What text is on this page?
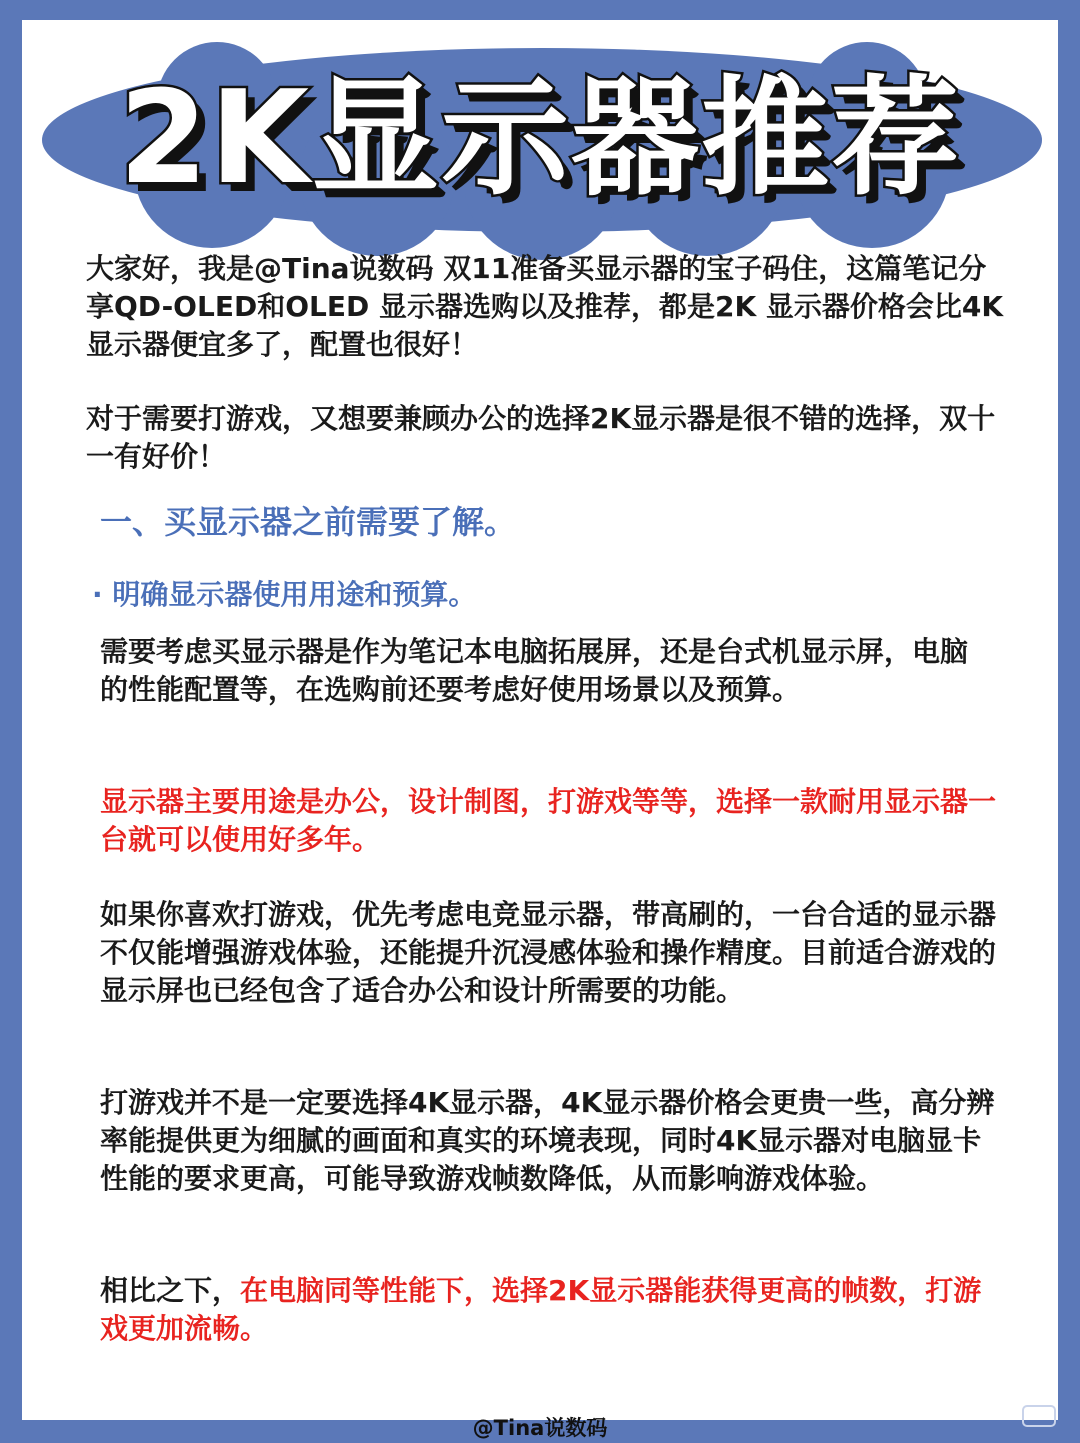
2K显示器推荐

大家好，我是@Tina说数码 双11准备买显示器的宝子码住，这篇笔记分享QD-OLED和OLED 显示器选购以及推荐，都是2K 显示器价格会比4K显示器便宜多了，配置也很好！

对于需要打游戏，又想要兼顾办公的选择2K显示器是很不错的选择，双十一有好价！

一、买显示器之前需要了解。
· 明确显示器使用用途和预算。

需要考虑买显示器是作为笔记本电脑拓展屏，还是台式机显示屏，电脑的性能配置等，在选购前还要考虑好使用场景以及预算。

显示器主要用途是办公，设计制图，打游戏等等，选择一款耐用显示器一台就可以使用好多年。

如果你喜欢打游戏，优先考虑电竞显示器，带高刷的，一台合适的显示器不仅能增强游戏体验，还能提升沉浸感体验和操作精度。目前适合游戏的显示屏也已经包含了适合办公和设计所需要的功能。

打游戏并不是一定要选择4K显示器，4K显示器价格会更贵一些，高分辨率能提供更为细腻的画面和真实的环境表现，同时4K显示器对电脑显卡性能的要求更高，可能导致游戏帧数降低，从而影响游戏体验。

相比之下，在电脑同等性能下，选择2K显示器能获得更高的帧数，打游戏更加流畅。

@Tina说数码
